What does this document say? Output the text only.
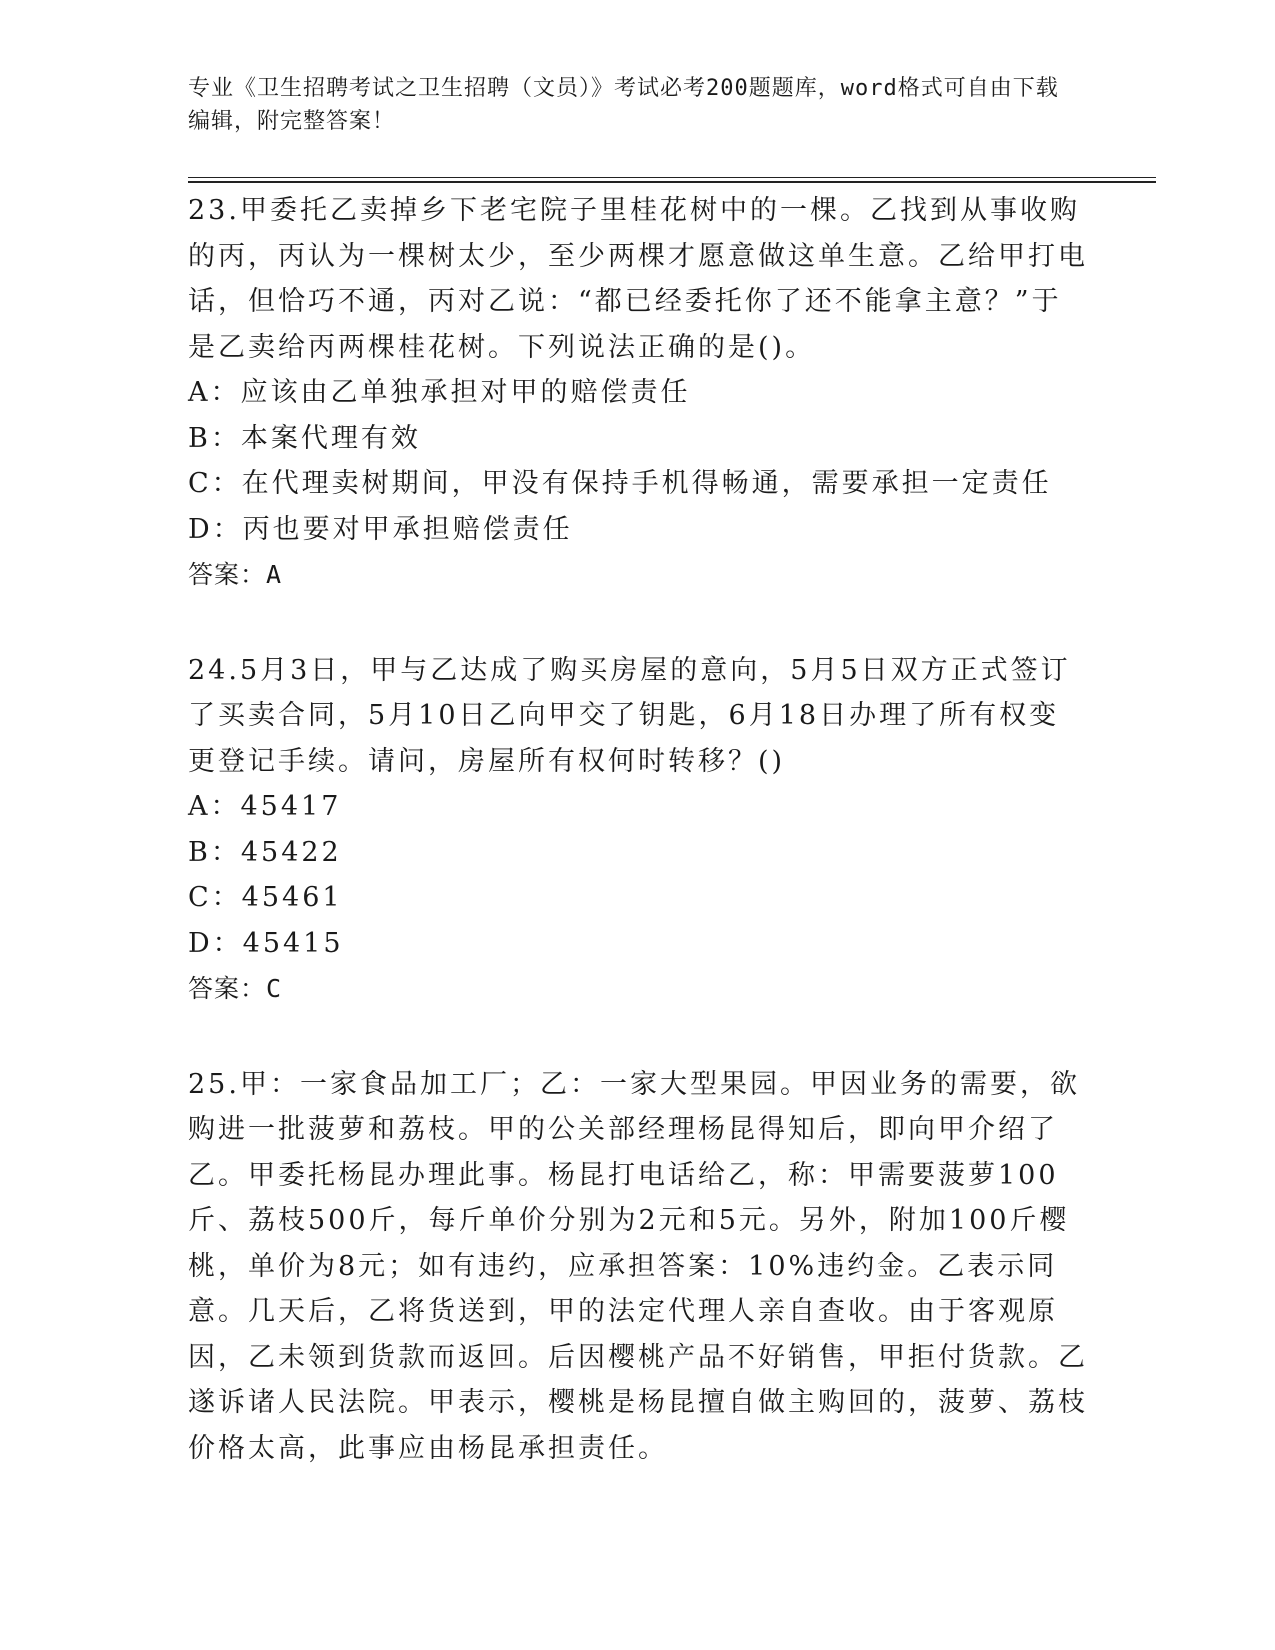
专业《卫生招聘考试之卫生招聘（文员）》考试必考200题题库，word格式可自由下载编辑，附完整答案！

23.甲委托乙卖掉乡下老宅院子里桂花树中的一棵。乙找到从事收购的丙，丙认为一棵树太少，至少两棵才愿意做这单生意。乙给甲打电话，但恰巧不通，丙对乙说：“都已经委托你了还不能拿主意？”于是乙卖给丙两棵桂花树。下列说法正确的是()。

A：应该由乙单独承担对甲的赔偿责任

B：本案代理有效

C：在代理卖树期间，甲没有保持手机得畅通，需要承担一定责任

D：丙也要对甲承担赔偿责任

答案：A

24.5月3日，甲与乙达成了购买房屋的意向，5月5日双方正式签订了买卖合同，5月10日乙向甲交了钥匙，6月18日办理了所有权变更登记手续。请问，房屋所有权何时转移？()

A：45417

B：45422

C：45461

D：45415

答案：C

25.甲：一家食品加工厂；乙：一家大型果园。甲因业务的需要，欲购进一批菠萝和荔枝。甲的公关部经理杨昆得知后，即向甲介绍了乙。甲委托杨昆办理此事。杨昆打电话给乙，称：甲需要菠萝100斤、荔枝500斤，每斤单价分别为2元和5元。另外，附加100斤樱桃，单价为8元；如有违约，应承担答案：10%违约金。乙表示同意。几天后，乙将货送到，甲的法定代理人亲自查收。由于客观原因，乙未领到货款而返回。后因樱桃产品不好销售，甲拒付货款。乙遂诉诸人民法院。甲表示，樱桃是杨昆擅自做主购回的，菠萝、荔枝价格太高，此事应由杨昆承担责任。
